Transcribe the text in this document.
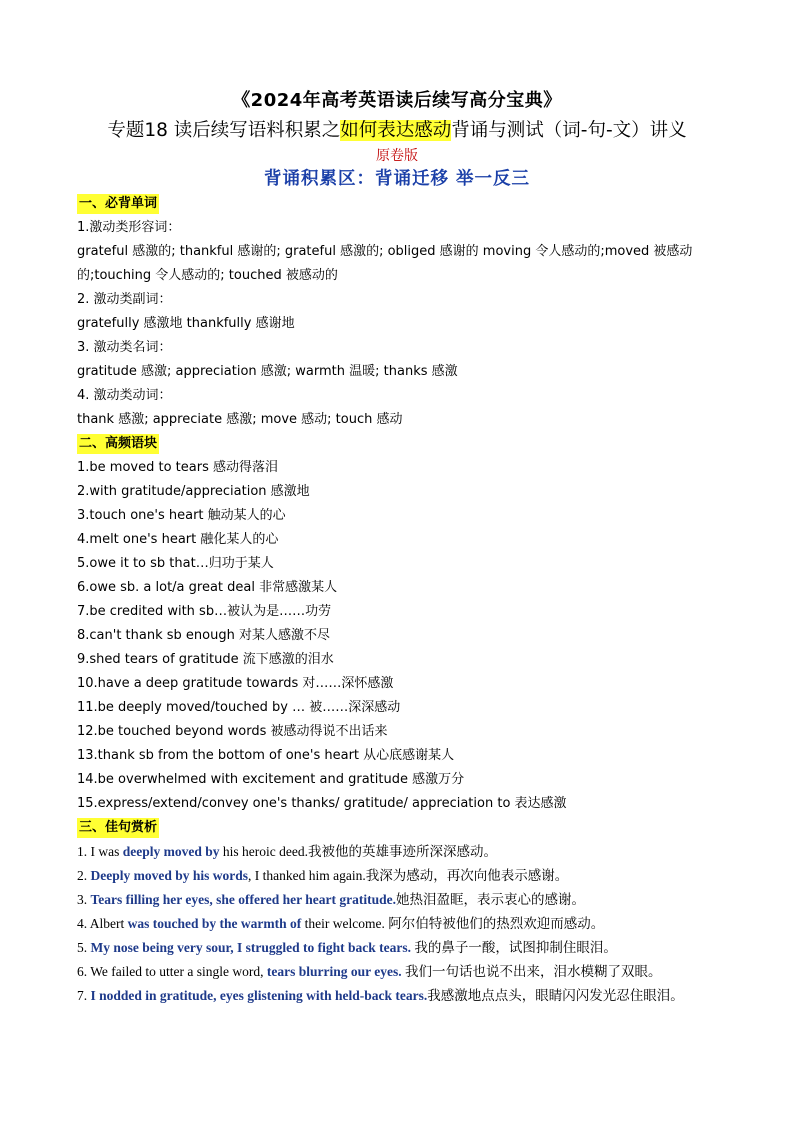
《2024年高考英语读后续写高分宝典》
专题18 读后续写语料积累之如何表达感动背诵与测试（词-句-文）讲义
原卷版
背诵积累区：背诵迁移 举一反三
一、必背单词
1.激动类形容词：
grateful 感激的; thankful 感谢的; grateful 感激的; obliged 感谢的 moving 令人感动的;moved 被感动的;touching 令人感动的; touched 被感动的
2. 激动类副词：
gratefully 感激地 thankfully 感谢地
3. 激动类名词：
gratitude 感激; appreciation 感激; warmth 温暖; thanks 感激
4. 激动类动词：
thank 感激; appreciate 感激; move 感动; touch 感动
二、高频语块
1.be moved to tears 感动得落泪
2.with gratitude/appreciation 感激地
3.touch one's heart 触动某人的心
4.melt one's heart 融化某人的心
5.owe it to sb that…归功于某人
6.owe sb. a lot/a great deal 非常感激某人
7.be credited with sb…被认为是……功劳
8.can't thank sb enough 对某人感激不尽
9.shed tears of gratitude 流下感激的泪水
10.have a deep gratitude towards 对……深怀感激
11.be deeply moved/touched by … 被……深深感动
12.be touched beyond words 被感动得说不出话来
13.thank sb from the bottom of one's heart 从心底感谢某人
14.be overwhelmed with excitement and gratitude 感激万分
15.express/extend/convey one's thanks/ gratitude/ appreciation to 表达感激
三、佳句赏析
1. I was deeply moved by his heroic deed.我被他的英雄事迹所深深感动。
2. Deeply moved by his words, I thanked him again.我深为感动，再次向他表示感谢。
3. Tears filling her eyes, she offered her heart gratitude.她热泪盈眶，表示衷心的感谢。
4. Albert was touched by the warmth of their welcome. 阿尔伯特被他们的热烈欢迎而感动。
5. My nose being very sour, I struggled to fight back tears. 我的鼻子一酸，试图抑制住眼泪。
6. We failed to utter a single word, tears blurring our eyes. 我们一句话也说不出来，泪水模糊了双眼。
7. I nodded in gratitude, eyes glistening with held-back tears.我感激地点点头，眼睛闪闪发光忍住眼泪。
